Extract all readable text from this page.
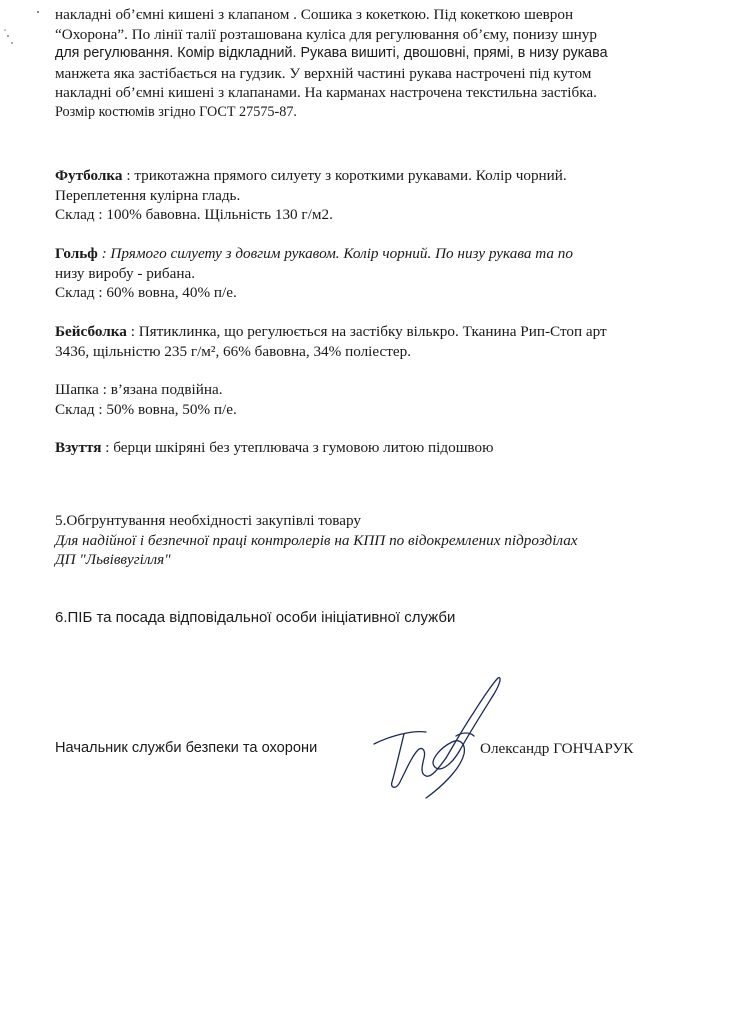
накладні об’ємні кишені з клапаном . Сошика з кокеткою. Під кокеткою шеврон
“Охорона”. По лінії талії розташована куліса для регулювання об’єму, понизу шнур
для регулювання. Комір відкладний. Рукава вишиті, двошовні, прямі, в низу рукава
манжета яка застібається на гудзик. У верхній частині рукава настрочені під кутом
накладні об’ємні кишені з клапанами. На карманах настрочена текстильна застібка.
Розмір костюмів згідно ГОСТ 27575-87.

Футболка : трикотажна прямого силуету з короткими рукавами. Колір чорний.
Переплетення кулірна гладь.
Склад : 100% бавовна. Щільність 130 г/м2.

Гольф : Прямого силуету з довгим рукавом. Колір чорний. По низу рукава та по
низу виробу - рибана.
Склад : 60% вовна, 40% п/е.

Бейсболка : Пятиклинка, що регулюється на застібку вількро. Тканина Рип-Стоп арт
3436, щільністю 235 г/м², 66% бавовна, 34% поліестер.

Шапка : в’язана подвійна.
Склад : 50% вовна, 50% п/е.

Взуття : берци шкіряні без утеплювача з гумовою литою підошвою

5.Обгрунтування необхідності закупівлі товару
Для надійної і безпечної праці контролерів на КПП по відокремлених підрозділах
ДП "Львіввугілля"

6.ПІБ та посада відповідальної особи ініціативної служби

Начальник служби безпеки та охорони	Олександр ГОНЧАРУК
